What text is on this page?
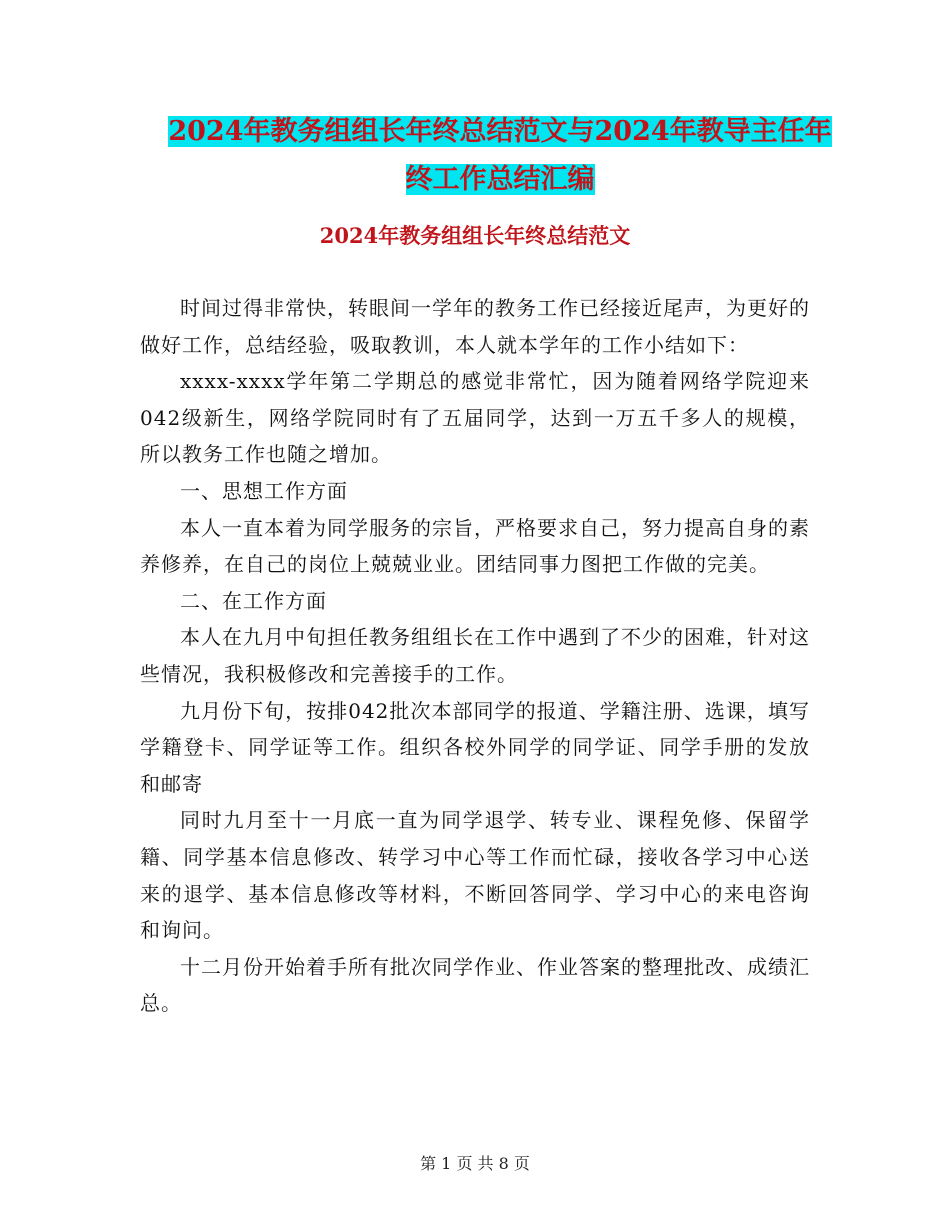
2024年教务组组长年终总结范文与2024年教导主任年
终工作总结汇编
2024年教务组组长年终总结范文

时间过得非常快，转眼间一学年的教务工作已经接近尾声，为更好的做好工作，总结经验，吸取教训，本人就本学年的工作小结如下：

xxxx-xxxx学年第二学期总的感觉非常忙，因为随着网络学院迎来042级新生，网络学院同时有了五届同学，达到一万五千多人的规模，所以教务工作也随之增加。

一、思想工作方面

本人一直本着为同学服务的宗旨，严格要求自己，努力提高自身的素养修养，在自己的岗位上兢兢业业。团结同事力图把工作做的完美。

二、在工作方面

本人在九月中旬担任教务组组长在工作中遇到了不少的困难，针对这些情况，我积极修改和完善接手的工作。

九月份下旬，按排042批次本部同学的报道、学籍注册、选课，填写学籍登卡、同学证等工作。组织各校外同学的同学证、同学手册的发放和邮寄

同时九月至十一月底一直为同学退学、转专业、课程免修、保留学籍、同学基本信息修改、转学习中心等工作而忙碌，接收各学习中心送来的退学、基本信息修改等材料，不断回答同学、学习中心的来电咨询和询问。

十二月份开始着手所有批次同学作业、作业答案的整理批改、成绩汇总。

第 1 页 共 8 页
